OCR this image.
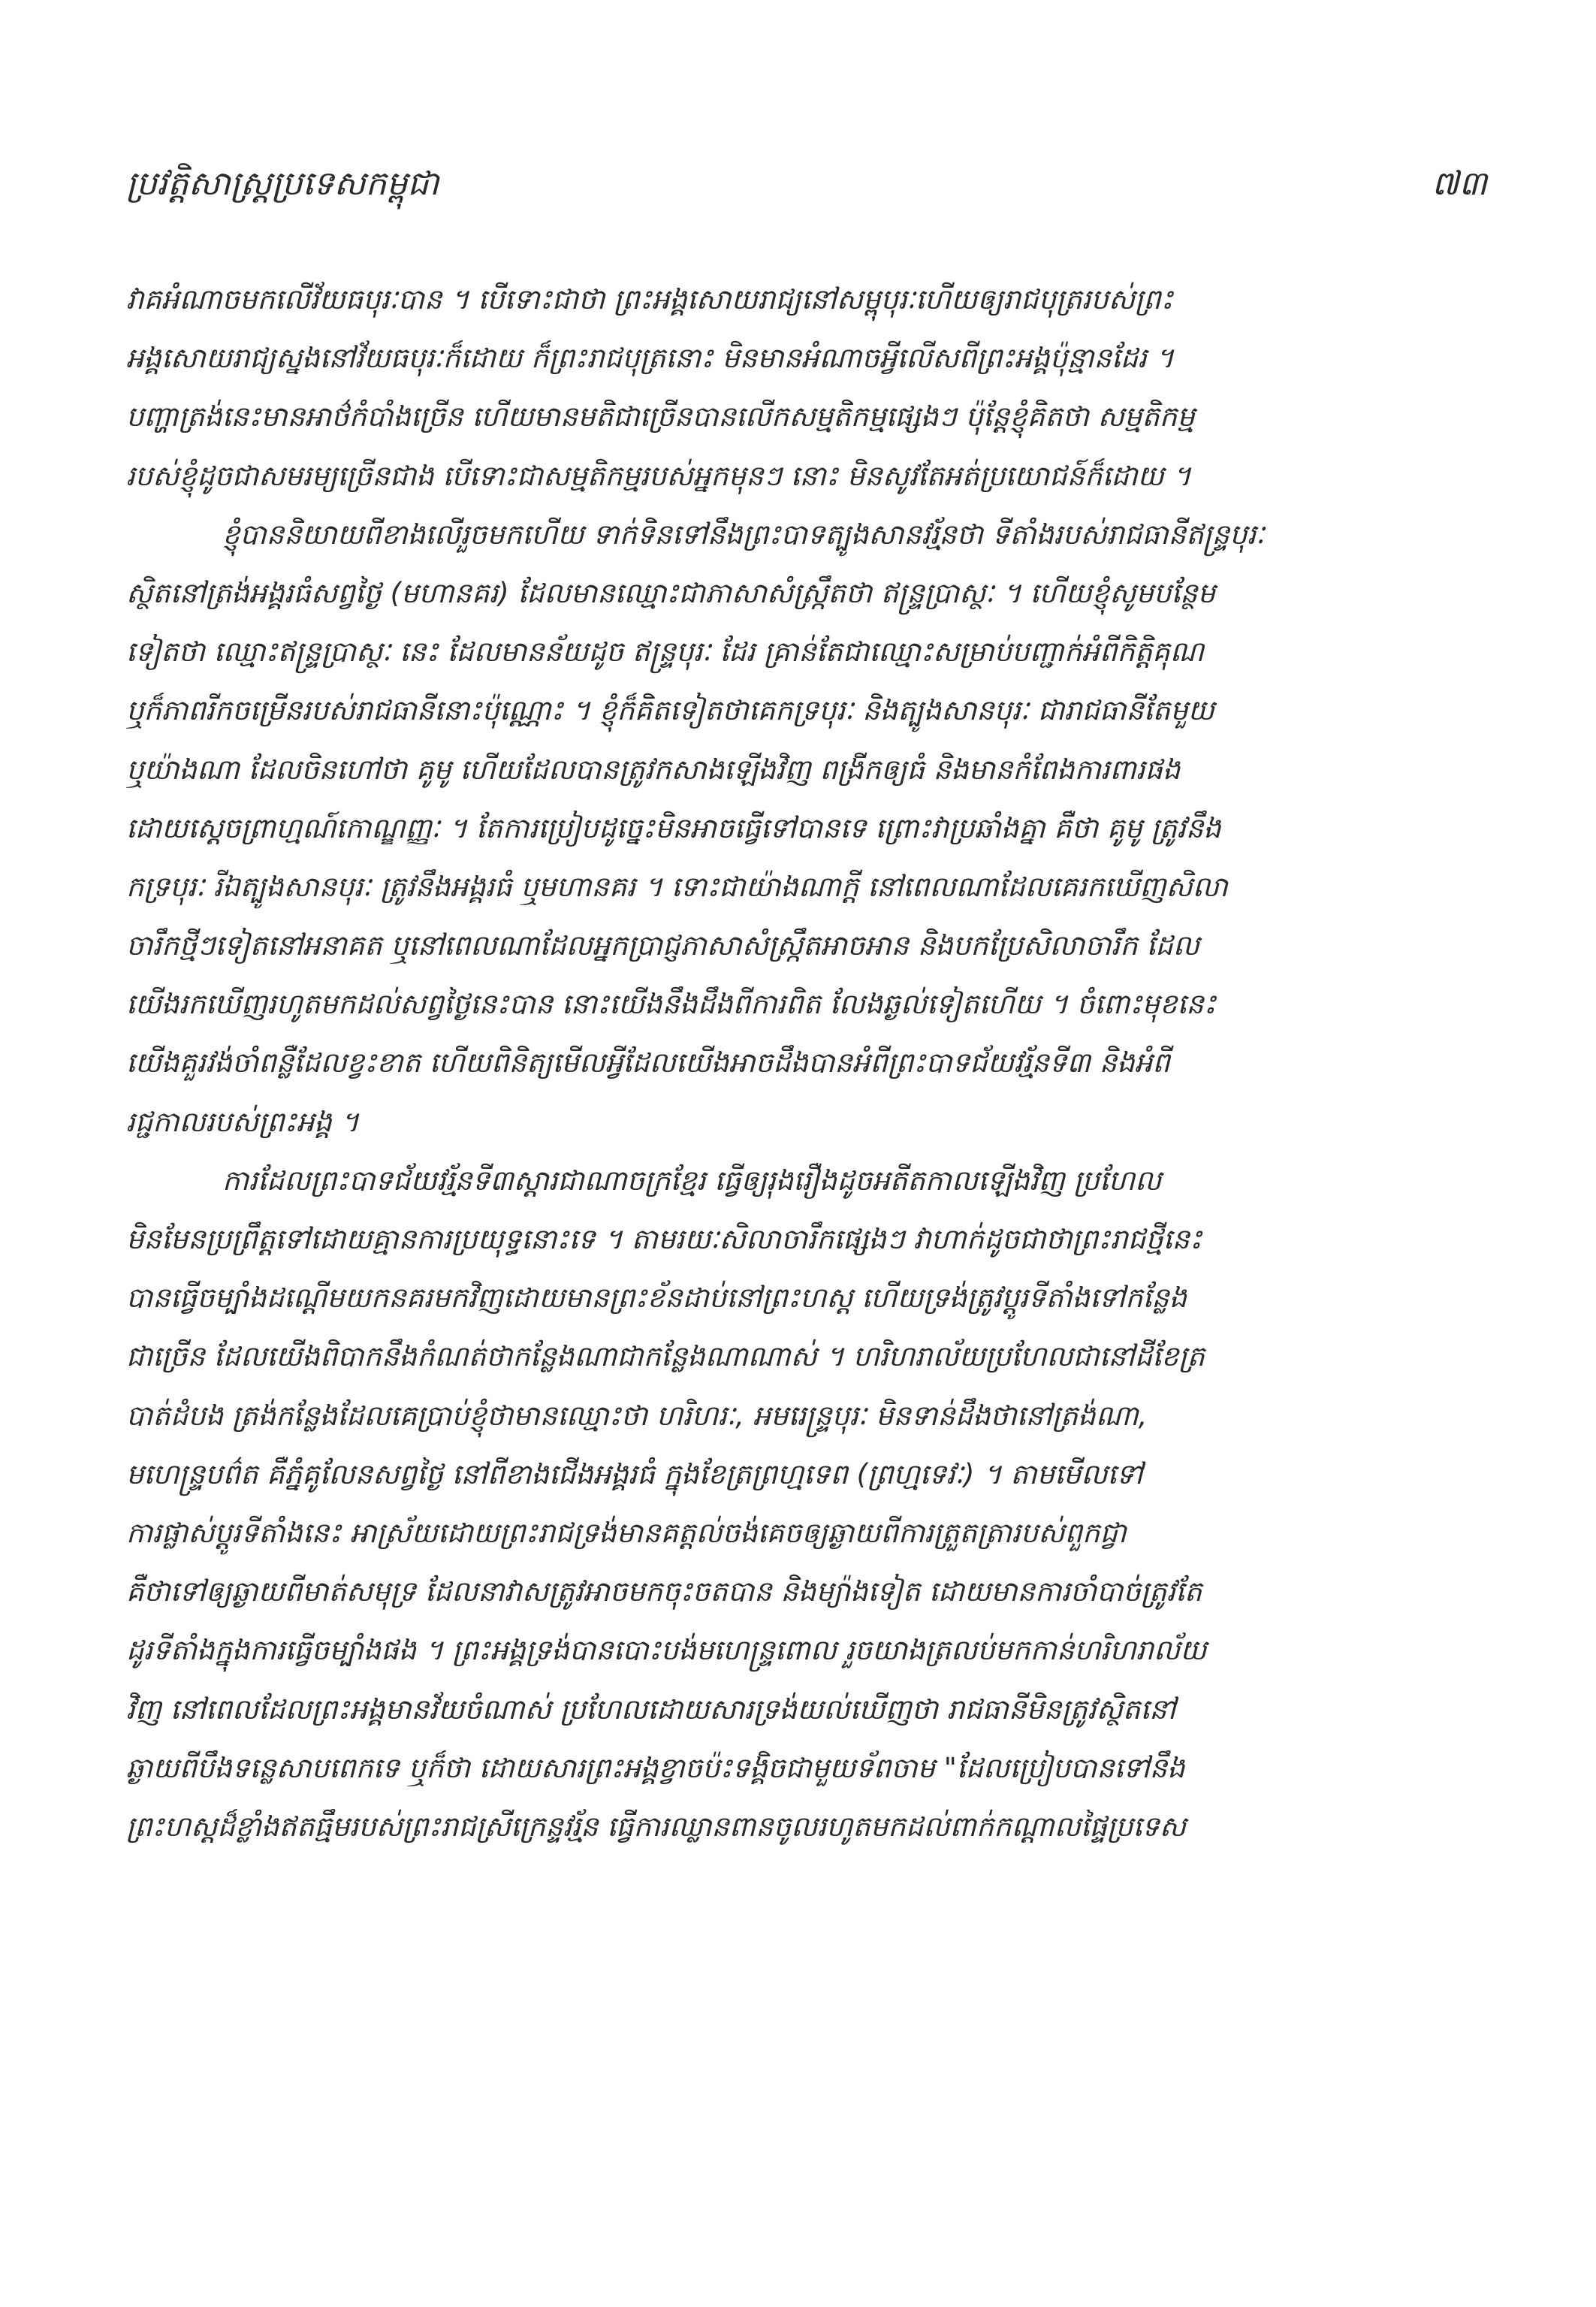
ប្រវត្តិសាស្ត្រប្រទេសកម្ពុជា	៧៣
វាគអំណាចមកលើវ័យធបុរៈបាន ។ បើទោះជាថា ព្រះអង្គសោយរាជ្យនៅសម្ពុបុរៈហើយឲ្យរាជបុត្ររបស់ព្រះ
អង្គសោយរាជ្យស្នងនៅវ័យធបុរៈក៏ដោយ ក៏ព្រះរាជបុត្រនោះ មិនមានអំណាចអ្វីលើសពីព្រះអង្គប៉ុន្មានដែរ ។
បញ្ហាត្រង់នេះមានអាថ៌កំបាំងច្រើន ហើយមានមតិជាច្រើនបានលើកសម្មតិកម្មផ្សេងៗ ប៉ុន្តែខ្ញុំគិតថា សម្មតិកម្ម
របស់ខ្ញុំដូចជាសមរម្យច្រើនជាង បើទោះជាសម្មតិកម្មរបស់អ្នកមុនៗ នោះ មិនសូវតែអត់ប្រយោជន៍ក៏ដោយ ។
ខ្ញុំបាននិយាយពីខាងលើរួចមកហើយ ទាក់ទិនទៅនឹងព្រះបាទត្បូងសានវរ្ម័នថា ទីតាំងរបស់រាជធានីឥន្ទ្របុរៈ
ស្ថិតនៅត្រង់អង្គរធំសព្វថ្ងៃ (មហានគរ) ដែលមានឈ្មោះជាភាសាសំស្ក្រឹតថា ឥន្ទ្រប្រាស្ថៈ ។ ហើយខ្ញុំសូមបន្ថែម
ទៀតថា ឈ្មោះឥន្ទ្រប្រាស្ថៈ នេះ ដែលមានន័យដូច ឥន្ទ្របុរៈ ដែរ គ្រាន់តែជាឈ្មោះសម្រាប់បញ្ជាក់អំពីកិត្តិគុណ
ឬក៏ភាពរីកចម្រើនរបស់រាជធានីនោះប៉ុណ្ណោះ ។ ខ្ញុំក៏គិតទៀតថាគេកទ្របុរៈ និងត្បូងសានបុរៈ ជារាជធានីតែមួយ
ឬយ៉ាងណា ដែលចិនហៅថា គូមូ ហើយដែលបានត្រូវកសាងឡើងវិញ ពង្រីកឲ្យធំ និងមានកំពែងការពារផង
ដោយស្តេចព្រាហ្មណ៍កោណ្ឌញ្ញៈ ។ តែការប្រៀបដូច្នេះមិនអាចធ្វើទៅបានទេ ព្រោះវាប្រឆាំងគ្នា គឺថា គូមូ ត្រូវនឹង
កទ្របុរៈ រីឯត្បូងសានបុរៈ ត្រូវនឹងអង្គរធំ ឬមហានគរ ។ ទោះជាយ៉ាងណាក្តី នៅពេលណាដែលគេរកឃើញសិលា
ចារឹកថ្មីៗទៀតនៅអនាគត ឬនៅពេលណាដែលអ្នកប្រាជ្ញភាសាសំស្ក្រឹតអាចអាន និងបកប្រែសិលាចារឹក ដែល
យើងរកឃើញរហូតមកដល់សព្វថ្ងៃនេះបាន នោះយើងនឹងដឹងពីការពិត លែងឆ្ងល់ទៀតហើយ ។ ចំពោះមុខនេះ
យើងគួរវង់ចាំពន្លឺដែលខ្វះខាត ហើយពិនិត្យមើលអ្វីដែលយើងអាចដឹងបានអំពីព្រះបាទជ័យវរ្ម័នទី៣ និងអំពី
រជ្ជកាលរបស់ព្រះអង្គ ។
ការដែលព្រះបាទជ័យវរ្ម័នទី៣ស្តារជាណាចក្រខ្មែរ ធ្វើឲ្យរុងរឿងដូចអតីតកាលឡើងវិញ ប្រហែល
មិនមែនប្រព្រឹត្តទៅដោយគ្មានការប្រយុទ្ធនោះទេ ។ តាមរយៈសិលាចារឹកផ្សេងៗ វាហាក់ដូចជាថាព្រះរាជថ្មីនេះ
បានធ្វើចម្បាំងដណ្តើមយកនគរមកវិញដោយមានព្រះខ័នដាប់នៅព្រះហស្ត ហើយទ្រង់ត្រូវប្តូរទីតាំងទៅកន្លែង
ជាច្រើន ដែលយើងពិបាកនឹងកំណត់ថាកន្លែងណាជាកន្លែងណាណាស់ ។ ហរិហរាល័យប្រហែលជានៅដីខែត្រ
បាត់ដំបង ត្រង់កន្លែងដែលគេប្រាប់ខ្ញុំថាមានឈ្មោះថា ហរិហរៈ, អមរេន្ទ្របុរៈ មិនទាន់ដឹងថានៅត្រង់ណា,
មហេន្ទ្របព៌ត គឺភ្នំគូលែនសព្វថ្ងៃ នៅពីខាងជើងអង្គរធំ ក្នុងខែត្រព្រហ្មទេព (ព្រហ្មទេវៈ) ។ តាមមើលទៅ
ការផ្លាស់ប្តូរទីតាំងនេះ អាស្រ័យដោយព្រះរាជទ្រង់មានគត្តល់ចង់គេចឲ្យឆ្ងាយពីការត្រួតត្រារបស់ពួកជ្វា
គឺថាទៅឲ្យឆ្ងាយពីមាត់សមុទ្រ ដែលនាវាសត្រូវអាចមកចុះចតបាន និងម្យ៉ាងទៀត ដោយមានការចាំបាច់ត្រូវតែ
ដូរទីតាំងក្នុងការធ្វើចម្បាំងផង ។ ព្រះអង្គទ្រង់បានបោះបង់មហេន្ទ្រពោល រួចយាងត្រលប់មកកាន់ហរិហរាល័យ
វិញ នៅពេលដែលព្រះអង្គមានវ័យចំណាស់ ប្រហែលដោយសារទ្រង់យល់ឃើញថា រាជធានីមិនត្រូវស្ថិតនៅ
ឆ្ងាយពីបឹងទន្លេសាបពេកទេ ឬក៏ថា ដោយសារព្រះអង្គខ្វាចប៉ះទង្គិចជាមួយទ័ពចាម "ដែលប្រៀបបានទៅនឹង
ព្រះហស្តដ៏ខ្លាំងឥតធ្មឹមរបស់ព្រះរាជស្រីក្រេន្ទវរ្ម័ន ធ្វើការឈ្លានពានចូលរហូតមកដល់ពាក់កណ្តាលផ្ទៃប្រទេស
